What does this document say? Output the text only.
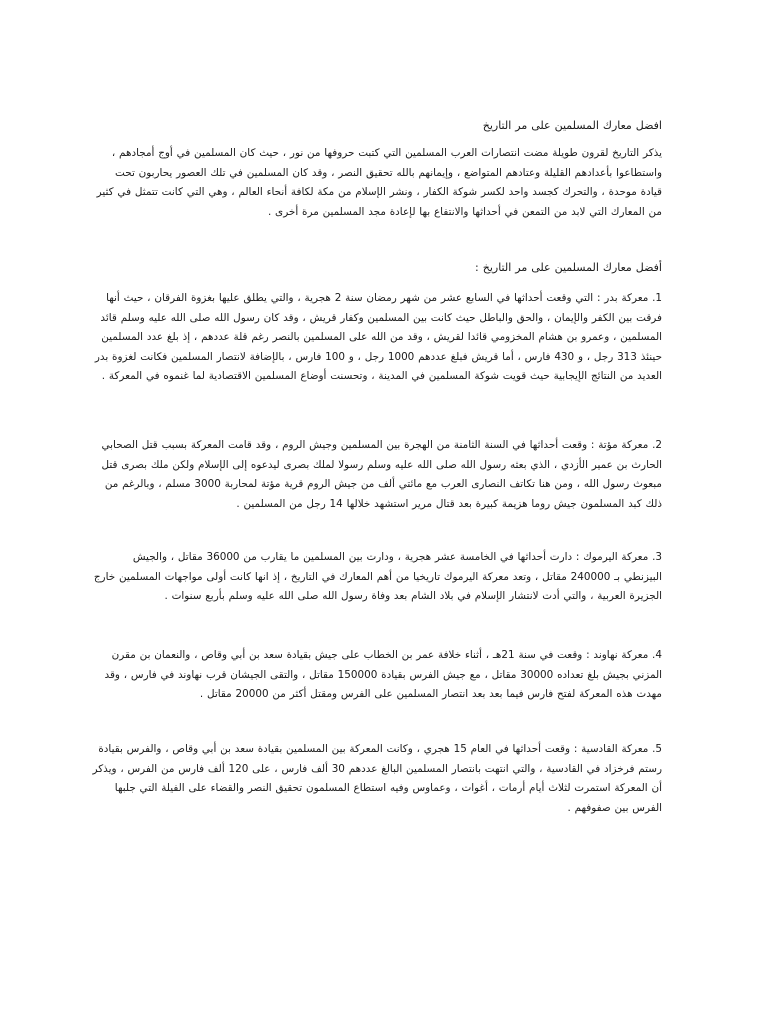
افضل معارك المسلمين على مر التاريخ

يذكر التاريخ لقرون طويلة مضت انتصارات العرب المسلمين التي كتبت حروفها من نور ، حيث كان المسلمين في أوج أمجادهم ، واستطاعوا بأعدادهم القليلة وعتادهم المتواضع ، وإيمانهم بالله تحقيق النصر ، وقد كان المسلمين في تلك العصور يحاربون تحت قيادة موحدة ، والتحرك كجسد واحد لكسر شوكة الكفار ، ونشر الإسلام من مكة لكافة أنحاء العالم ، وهي التي كانت تتمثل في كثير من المعارك التي لابد من التمعن في أحداثها والانتفاع بها لإعادة مجد المسلمين مرة أخرى .

أفضل معارك المسلمين على مر التاريخ :

1. معركة بدر : التي وقعت أحداثها في السابع عشر من شهر رمضان سنة 2 هجرية ، والتي يطلق عليها بغزوة الفرقان ، حيث أنها فرقت بين الكفر والإيمان ، والحق والباطل حيث كانت بين المسلمين وكفار قريش ، وقد كان رسول الله صلى الله عليه وسلم قائد المسلمين ، وعمرو بن هشام المخزومي قائدا لقريش ، وقد من الله على المسلمين بالنصر رغم قلة عددهم ، إذ بلغ عدد المسلمين حينئذ 313 رجل ، و 430 فارس ، أما قريش فبلغ عددهم 1000 رجل ، و 100 فارس ، بالإضافة لانتصار المسلمين فكانت لغزوة بدر العديد من النتائج الإيجابية حيث قويت شوكة المسلمين في المدينة ، وتحسنت أوضاع المسلمين الاقتصادية لما غنموه في المعركة .

2. معركة مؤتة : وقعت أحداثها في السنة الثامنة من الهجرة بين المسلمين وجيش الروم ، وقد قامت المعركة بسبب قتل الصحابي الحارث بن عمير الأزدي ، الذي بعثه رسول الله صلى الله عليه وسلم رسولا لملك بصرى ليدعوه إلى الإسلام ولكن ملك بصرى قتل مبعوث رسول الله ، ومن هنا تكاتف النصارى العرب مع مائتي ألف من جيش الروم قرية مؤتة لمحاربة 3000 مسلم ، وبالرغم من ذلك كبد المسلمون جيش روما هزيمة كبيرة بعد قتال مرير استشهد خلالها 14 رجل من المسلمين .

3. معركة اليرموك : دارت أحداثها في الخامسة عشر هجرية ، ودارت بين المسلمين ما يقارب من 36000 مقاتل ، والجيش البيزنطي بـ 240000 مقاتل ، وتعد معركة اليرموك تاريخيا من أهم المعارك في التاريخ ، إذ انها كانت أولى مواجهات المسلمين خارج الجزيرة العربية ، والتي أدت لانتشار الإسلام في بلاد الشام بعد وفاة رسول الله صلى الله عليه وسلم بأربع سنوات .

4. معركة نهاوند : وقعت في سنة 21هـ ، أثناء خلافة عمر بن الخطاب على جيش بقيادة سعد بن أبي وقاص ، والنعمان بن مقرن المزني بجيش بلغ تعداده 30000 مقاتل ، مع جيش الفرس بقيادة 150000 مقاتل ، والتقى الجيشان قرب نهاوند في فارس ، وقد مهدت هذه المعركة لفتح فارس فيما بعد بعد انتصار المسلمين على الفرس ومقتل أكثر من 20000 مقاتل .

5. معركة القادسية : وقعت أحداثها في العام 15 هجري ، وكانت المعركة بين المسلمين بقيادة سعد بن أبي وقاص ، والفرس بقيادة رستم فرخزاد في القادسية ، والتي انتهت بانتصار المسلمين البالغ عددهم 30 ألف فارس ، على 120 ألف فارس من الفرس ، ويذكر أن المعركة استمرت لثلاث أيام أرمات ، أغوات ، وعماوس وفيه استطاع المسلمون تحقيق النصر والقضاء على الفيلة التي جلبها الفرس بين صفوفهم .
